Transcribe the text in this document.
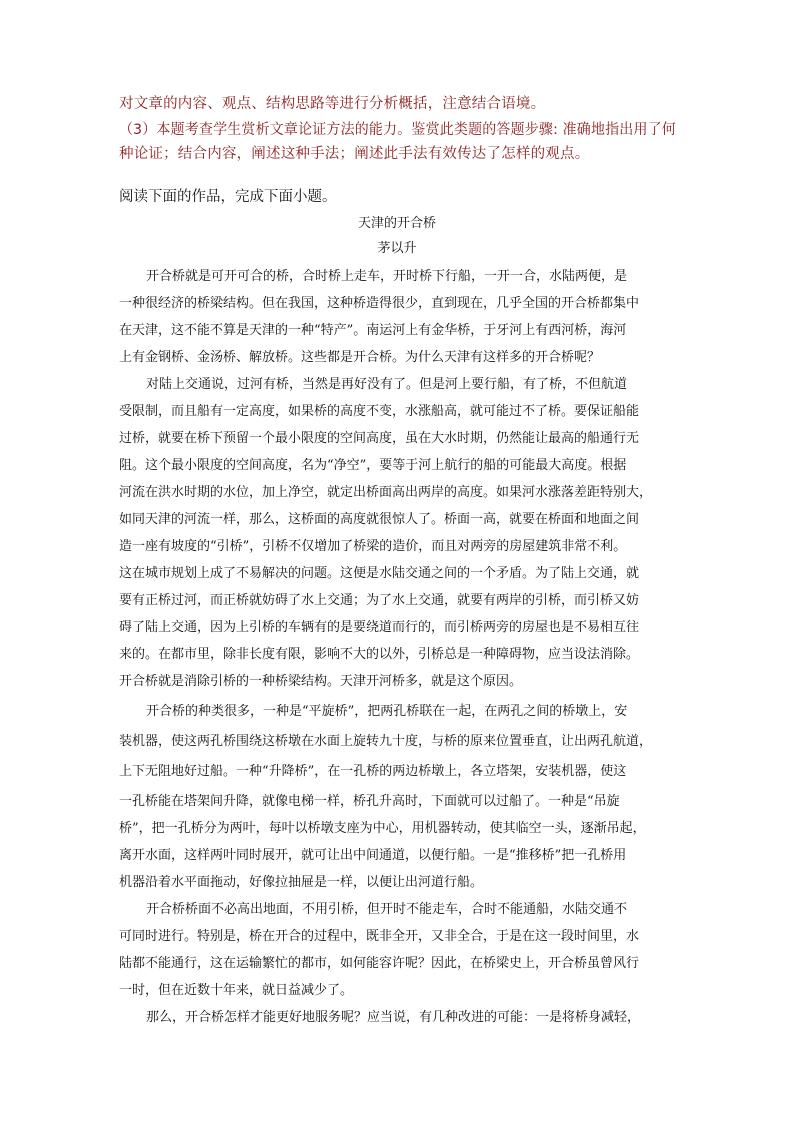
对文章的内容、观点、结构思路等进行分析概括，注意结合语境。
（3）本题考查学生赏析文章论证方法的能力。鉴赏此类题的答题步骤: 准确地指出用了何
种论证；结合内容，阐述这种手法；阐述此手法有效传达了怎样的观点。
阅读下面的作品，完成下面小题。
天津的开合桥
茅以升
开合桥就是可开可合的桥，合时桥上走车，开时桥下行船，一开一合，水陆两便，是
一种很经济的桥梁结构。但在我国，这种桥造得很少，直到现在，几乎全国的开合桥都集中
在天津，这不能不算是天津的一种“特产”。南运河上有金华桥，于牙河上有西河桥，海河
上有金钢桥、金汤桥、解放桥。这些都是开合桥。为什么天津有这样多的开合桥呢？
对陆上交通说，过河有桥，当然是再好没有了。但是河上要行船，有了桥，不但航道
受限制，而且船有一定高度，如果桥的高度不变，水涨船高，就可能过不了桥。要保证船能
过桥，就要在桥下预留一个最小限度的空间高度，虽在大水时期，仍然能让最高的船通行无
阻。这个最小限度的空间高度，名为“净空”，要等于河上航行的船的可能最大高度。根据
河流在洪水时期的水位，加上净空，就定出桥面高出两岸的高度。如果河水涨落差距特别大，
如同天津的河流一样，那么，这桥面的高度就很惊人了。桥面一高，就要在桥面和地面之间
造一座有坡度的“引桥”，引桥不仅增加了桥梁的造价，而且对两旁的房屋建筑非常不利。
这在城市规划上成了不易解决的问题。这便是水陆交通之间的一个矛盾。为了陆上交通，就
要有正桥过河，而正桥就妨碍了水上交通；为了水上交通，就要有两岸的引桥，而引桥又妨
碍了陆上交通，因为上引桥的车辆有的是要绕道而行的，而引桥两旁的房屋也是不易相互往
来的。在都市里，除非长度有限，影响不大的以外，引桥总是一种障碍物，应当设法消除。
开合桥就是消除引桥的一种桥梁结构。天津开河桥多，就是这个原因。
开合桥的种类很多，一种是“平旋桥”，把两孔桥联在一起，在两孔之间的桥墩上，安
装机器，使这两孔桥围绕这桥墩在水面上旋转九十度，与桥的原来位置垂直，让出两孔航道，
上下无阻地好过船。一种“升降桥”，在一孔桥的两边桥墩上，各立塔架，安装机器，使这
一孔桥能在塔架间升降，就像电梯一样，桥孔升高时，下面就可以过船了。一种是“吊旋
桥”，把一孔桥分为两叶，每叶以桥墩支座为中心，用机器转动，使其临空一头，逐渐吊起，
离开水面，这样两叶同时展开，就可让出中间通道，以便行船。一是“推移桥”把一孔桥用
机器沿着水平面拖动，好像拉抽屉是一样，以便让出河道行船。
开合桥桥面不必高出地面，不用引桥，但开时不能走车，合时不能通船，水陆交通不
可同时进行。特别是，桥在开合的过程中，既非全开，又非全合，于是在这一段时间里，水
陆都不能通行，这在运输繁忙的都市，如何能容许呢？因此，在桥梁史上，开合桥虽曾风行
一时，但在近数十年来，就日益减少了。
那么，开合桥怎样才能更好地服务呢？应当说，有几种改进的可能：一是将桥身减轻，
